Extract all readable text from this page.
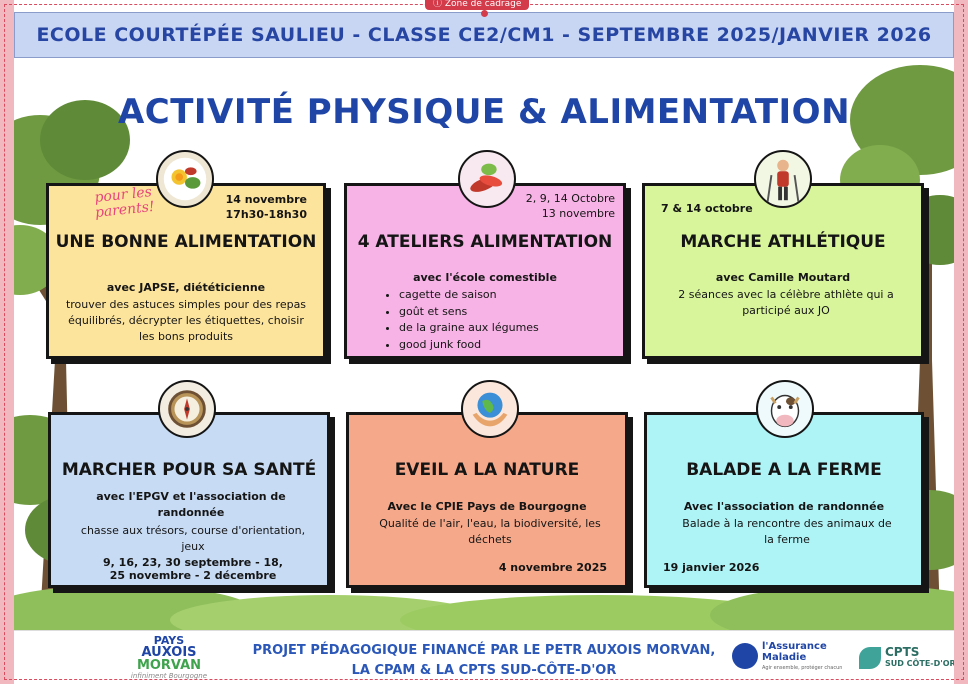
ECOLE COURTÉPÉE SAULIEU - CLASSE CE2/CM1 - SEPTEMBRE 2025/JANVIER 2026
ACTIVITÉ PHYSIQUE & ALIMENTATION
14 novembre
17h30-18h30
UNE BONNE ALIMENTATION
avec JAPSE, diététicienne
trouver des astuces simples pour des repas équilibrés, décrypter les étiquettes, choisir les bons produits
pour les parents!
2, 9, 14 Octobre
13 novembre
4 ATELIERS ALIMENTATION
avec l'école comestible
• cagette de saison
• goût et sens
• de la graine aux légumes
• good junk food
7 & 14 octobre
MARCHE ATHLÉTIQUE
avec Camille Moutard
2 séances avec la célèbre athlète qui a participé aux JO
MARCHER POUR SA SANTÉ
avec l'EPGV et l'association de randonnée
chasse aux trésors, course d'orientation, jeux
9, 16, 23, 30 septembre - 18, 25 novembre - 2 décembre
EVEIL A LA NATURE
Avec le CPIE Pays de Bourgogne
Qualité de l'air, l'eau, la biodiversité, les déchets
4 novembre 2025
BALADE A LA FERME
Avec l'association de randonnée
Balade à la rencontre des animaux de la ferme
19 janvier 2026
PAYS
AUXOIS
MORVAN
infiniment Bourgogne
PROJET PÉDAGOGIQUE FINANCÉ PAR LE PETR AUXOIS MORVAN,
LA CPAM & LA CPTS SUD-CÔTE-D'OR
l'Assurance
Maladie
Agir ensemble, protéger chacun
CPTS
SUD CÔTE-D'OR
ⓘ Zone de cadrage
